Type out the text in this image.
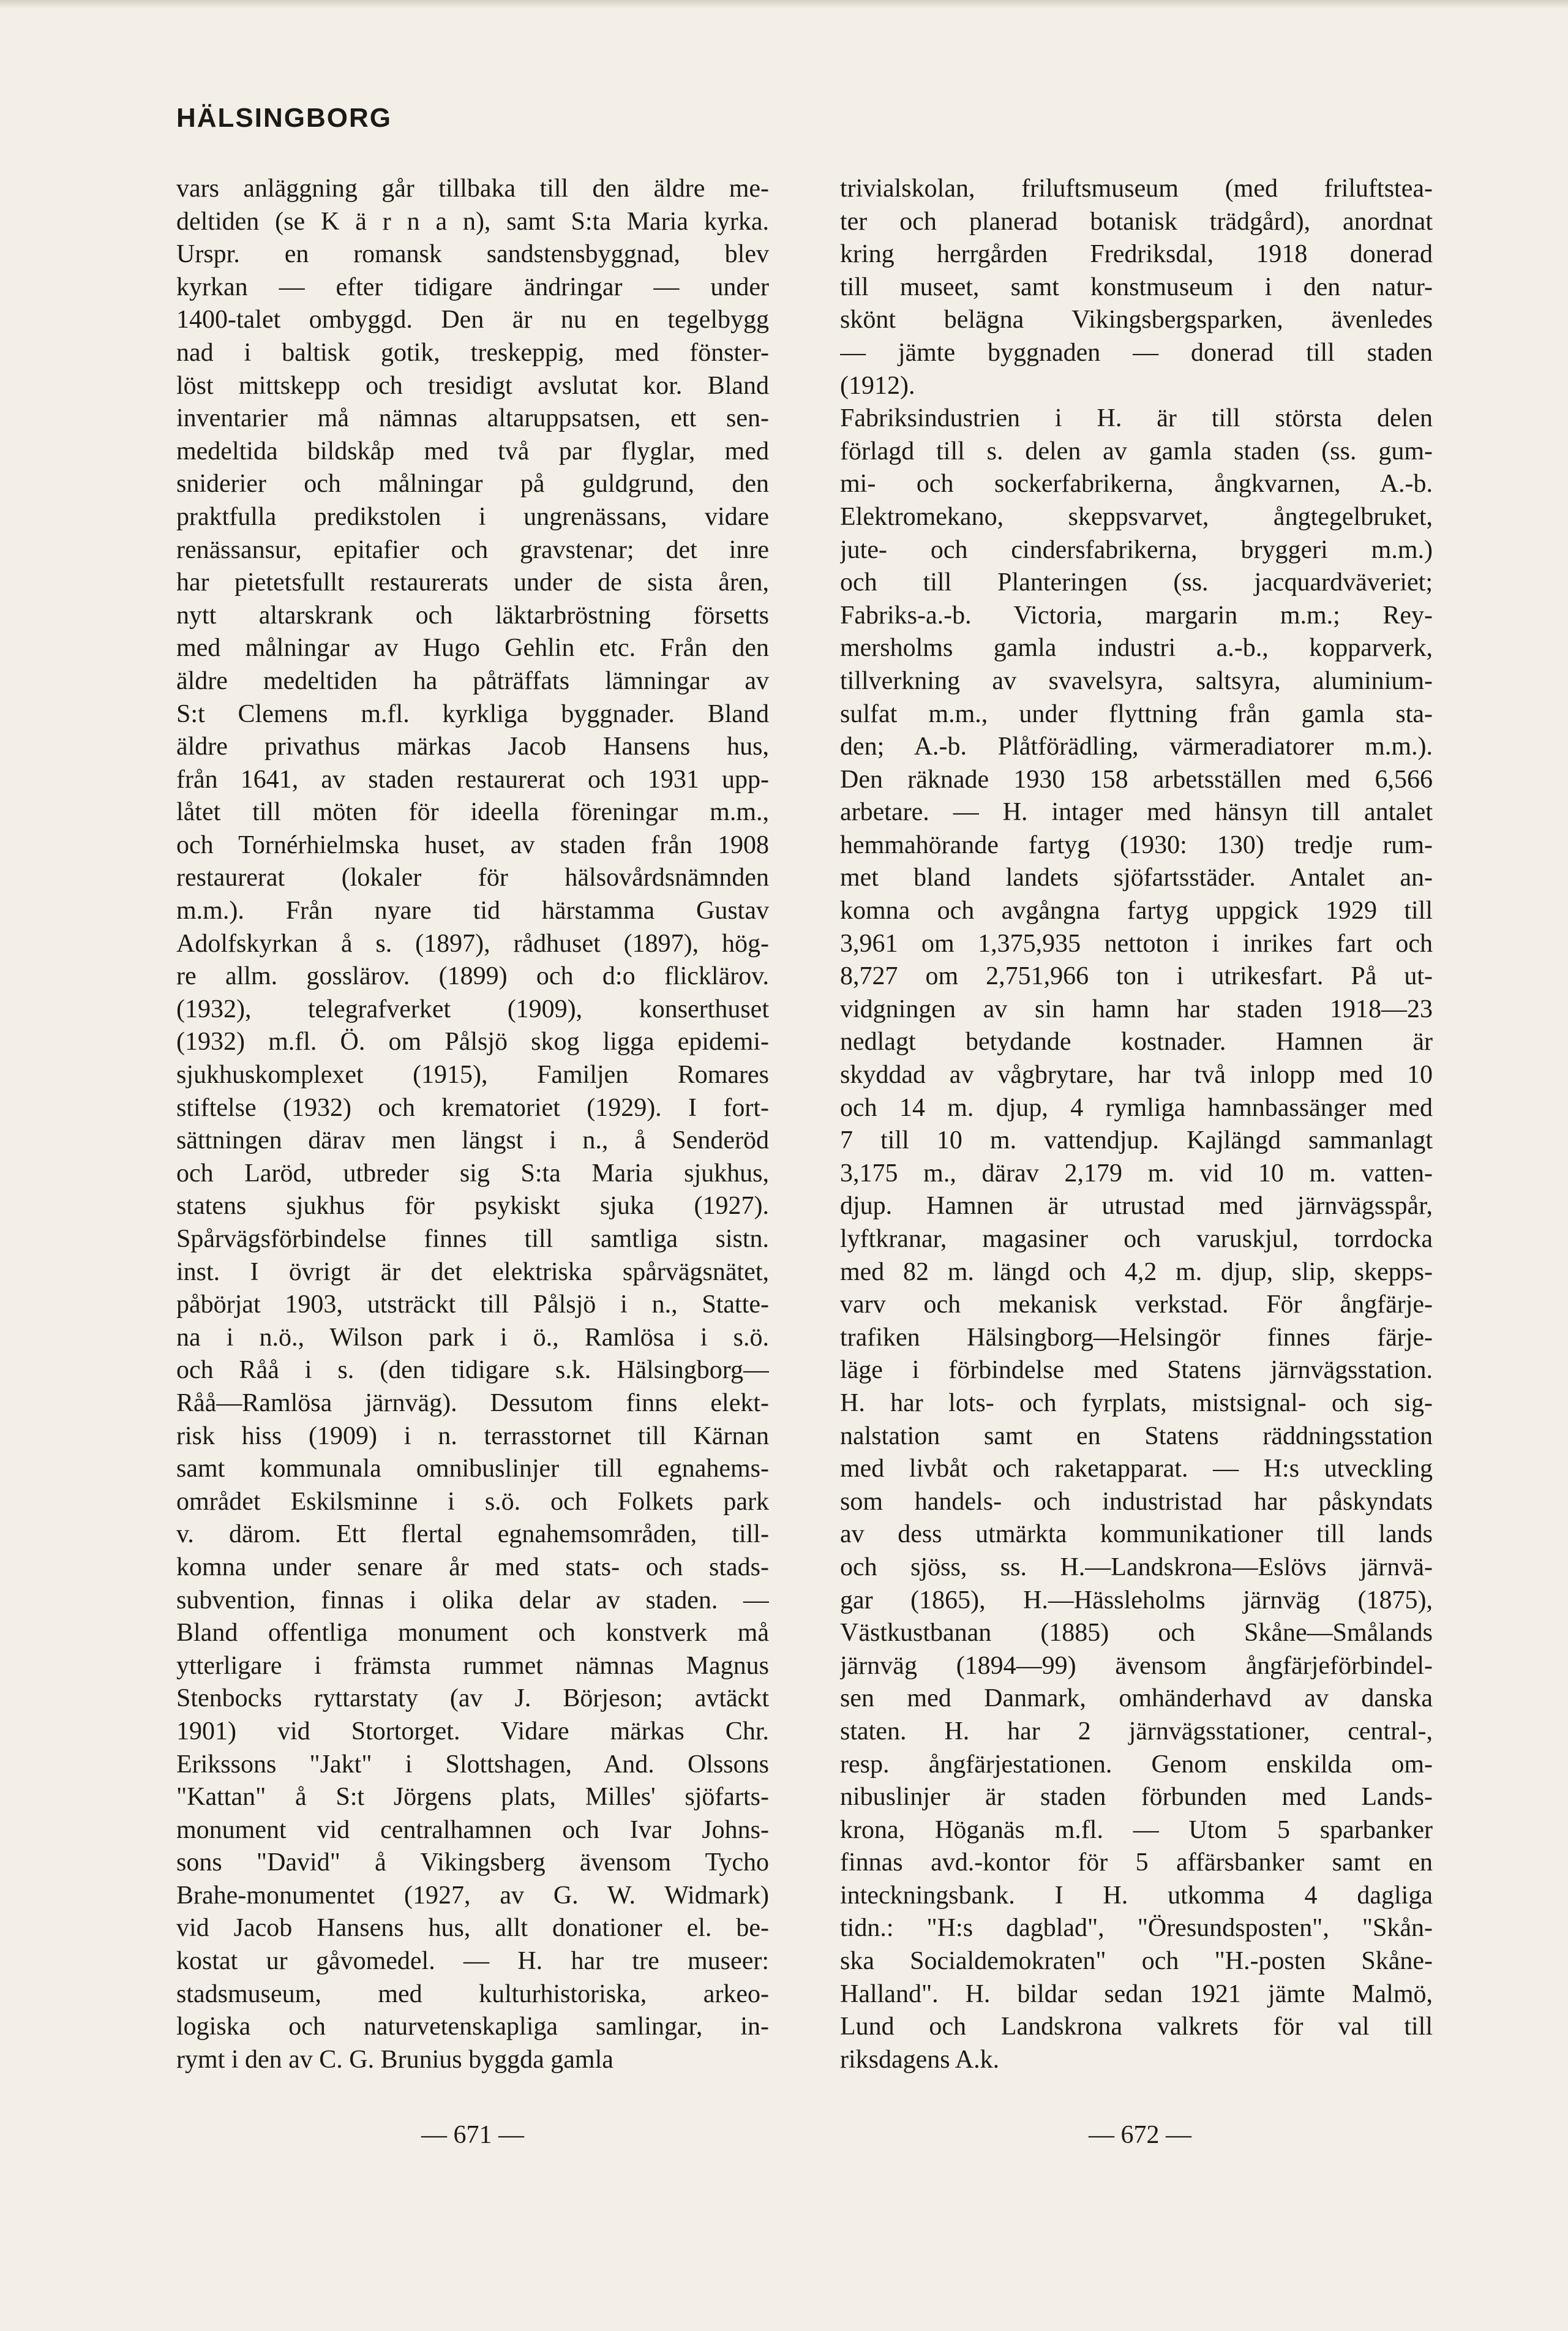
HÄLSINGBORG
vars anläggning går tillbaka till den äldre me-
deltiden (se K ä r n a n), samt S:ta Maria kyrka.
Urspr. en romansk sandstensbyggnad, blev
kyrkan — efter tidigare ändringar — under
1400-talet ombyggd. Den är nu en tegelbygg
nad i baltisk gotik, treskeppig, med fönster-
löst mittskepp och tresidigt avslutat kor. Bland
inventarier må nämnas altaruppsatsen, ett sen-
medeltida bildskåp med två par flyglar, med
sniderier och målningar på guldgrund, den
praktfulla predikstolen i ungrenässans, vidare
renässansur, epitafier och gravstenar; det inre
har pietetsfullt restaurerats under de sista åren,
nytt altarskrank och läktarbröstning försetts
med målningar av Hugo Gehlin etc. Från den
äldre medeltiden ha påträffats lämningar av
S:t Clemens m.fl. kyrkliga byggnader. Bland
äldre privathus märkas Jacob Hansens hus,
från 1641, av staden restaurerat och 1931 upp-
låtet till möten för ideella föreningar m.m.,
och Tornérhielmska huset, av staden från 1908
restaurerat (lokaler för hälsovårdsnämnden
m.m.). Från nyare tid härstamma Gustav
Adolfskyrkan å s. (1897), rådhuset (1897), hög-
re allm. gosslärov. (1899) och d:o flicklärov.
(1932), telegrafverket (1909), konserthuset
(1932) m.fl. Ö. om Pålsjö skog ligga epidemi-
sjukhuskomplexet (1915), Familjen Romares
stiftelse (1932) och krematoriet (1929). I fort-
sättningen därav men längst i n., å Senderöd
och Laröd, utbreder sig S:ta Maria sjukhus,
statens sjukhus för psykiskt sjuka (1927).
Spårvägsförbindelse finnes till samtliga sistn.
inst. I övrigt är det elektriska spårvägsnätet,
påbörjat 1903, utsträckt till Pålsjö i n., Statte-
na i n.ö., Wilson park i ö., Ramlösa i s.ö.
och Råå i s. (den tidigare s.k. Hälsingborg—
Råå—Ramlösa järnväg). Dessutom finns elekt-
risk hiss (1909) i n. terrasstornet till Kärnan
samt kommunala omnibuslinjer till egnahems-
området Eskilsminne i s.ö. och Folkets park
v. därom. Ett flertal egnahemsområden, till-
komna under senare år med stats- och stads-
subvention, finnas i olika delar av staden. —
Bland offentliga monument och konstverk må
ytterligare i främsta rummet nämnas Magnus
Stenbocks ryttarstaty (av J. Börjeson; avtäckt
1901) vid Stortorget. Vidare märkas Chr.
Erikssons "Jakt" i Slottshagen, And. Olssons
"Kattan" å S:t Jörgens plats, Milles' sjöfarts-
monument vid centralhamnen och Ivar Johns-
sons "David" å Vikingsberg ävensom Tycho
Brahe-monumentet (1927, av G. W. Widmark)
vid Jacob Hansens hus, allt donationer el. be-
kostat ur gåvomedel. — H. har tre museer:
stadsmuseum, med kulturhistoriska, arkeo-
logiska och naturvetenskapliga samlingar, in-
rymt i den av C. G. Brunius byggda gamla
trivialskolan, friluftsmuseum (med friluftstea-
ter och planerad botanisk trädgård), anordnat
kring herrgården Fredriksdal, 1918 donerad
till museet, samt konstmuseum i den natur-
skönt belägna Vikingsbergsparken, ävenledes
— jämte byggnaden — donerad till staden
(1912).
Fabriksindustrien i H. är till största delen
förlagd till s. delen av gamla staden (ss. gum-
mi- och sockerfabrikerna, ångkvarnen, A.-b.
Elektromekano, skeppsvarvet, ångtegelbruket,
jute- och cindersfabrikerna, bryggeri m.m.)
och till Planteringen (ss. jacquardväveriet;
Fabriks-a.-b. Victoria, margarin m.m.; Rey-
mersholms gamla industri a.-b., kopparverk,
tillverkning av svavelsyra, saltsyra, aluminium-
sulfat m.m., under flyttning från gamla sta-
den; A.-b. Plåtförädling, värmeradiatorer m.m.).
Den räknade 1930 158 arbetsställen med 6,566
arbetare. — H. intager med hänsyn till antalet
hemmahörande fartyg (1930: 130) tredje rum-
met bland landets sjöfartsstäder. Antalet an-
komna och avgångna fartyg uppgick 1929 till
3,961 om 1,375,935 nettoton i inrikes fart och
8,727 om 2,751,966 ton i utrikesfart. På ut-
vidgningen av sin hamn har staden 1918—23
nedlagt betydande kostnader. Hamnen är
skyddad av vågbrytare, har två inlopp med 10
och 14 m. djup, 4 rymliga hamnbassänger med
7 till 10 m. vattendjup. Kajlängd sammanlagt
3,175 m., därav 2,179 m. vid 10 m. vatten-
djup. Hamnen är utrustad med järnvägsspår,
lyftkranar, magasiner och varuskjul, torrdocka
med 82 m. längd och 4,2 m. djup, slip, skepps-
varv och mekanisk verkstad. För ångfärje-
trafiken Hälsingborg—Helsingör finnes färje-
läge i förbindelse med Statens järnvägsstation.
H. har lots- och fyrplats, mistsignal- och sig-
nalstation samt en Statens räddningsstation
med livbåt och raketapparat. — H:s utveckling
som handels- och industristad har påskyndats
av dess utmärkta kommunikationer till lands
och sjöss, ss. H.—Landskrona—Eslövs järnvä-
gar (1865), H.—Hässleholms järnväg (1875),
Västkustbanan (1885) och Skåne—Smålands
järnväg (1894—99) ävensom ångfärjeförbindel-
sen med Danmark, omhänderhavd av danska
staten. H. har 2 järnvägsstationer, central-,
resp. ångfärjestationen. Genom enskilda om-
nibuslinjer är staden förbunden med Lands-
krona, Höganäs m.fl. — Utom 5 sparbanker
finnas avd.-kontor för 5 affärsbanker samt en
inteckningsbank. I H. utkomma 4 dagliga
tidn.: "H:s dagblad", "Öresundsposten", "Skån-
ska Socialdemokraten" och "H.-posten Skåne-
Halland". H. bildar sedan 1921 jämte Malmö,
Lund och Landskrona valkrets för val till
riksdagens A.k.
— 671 —	— 672 —
